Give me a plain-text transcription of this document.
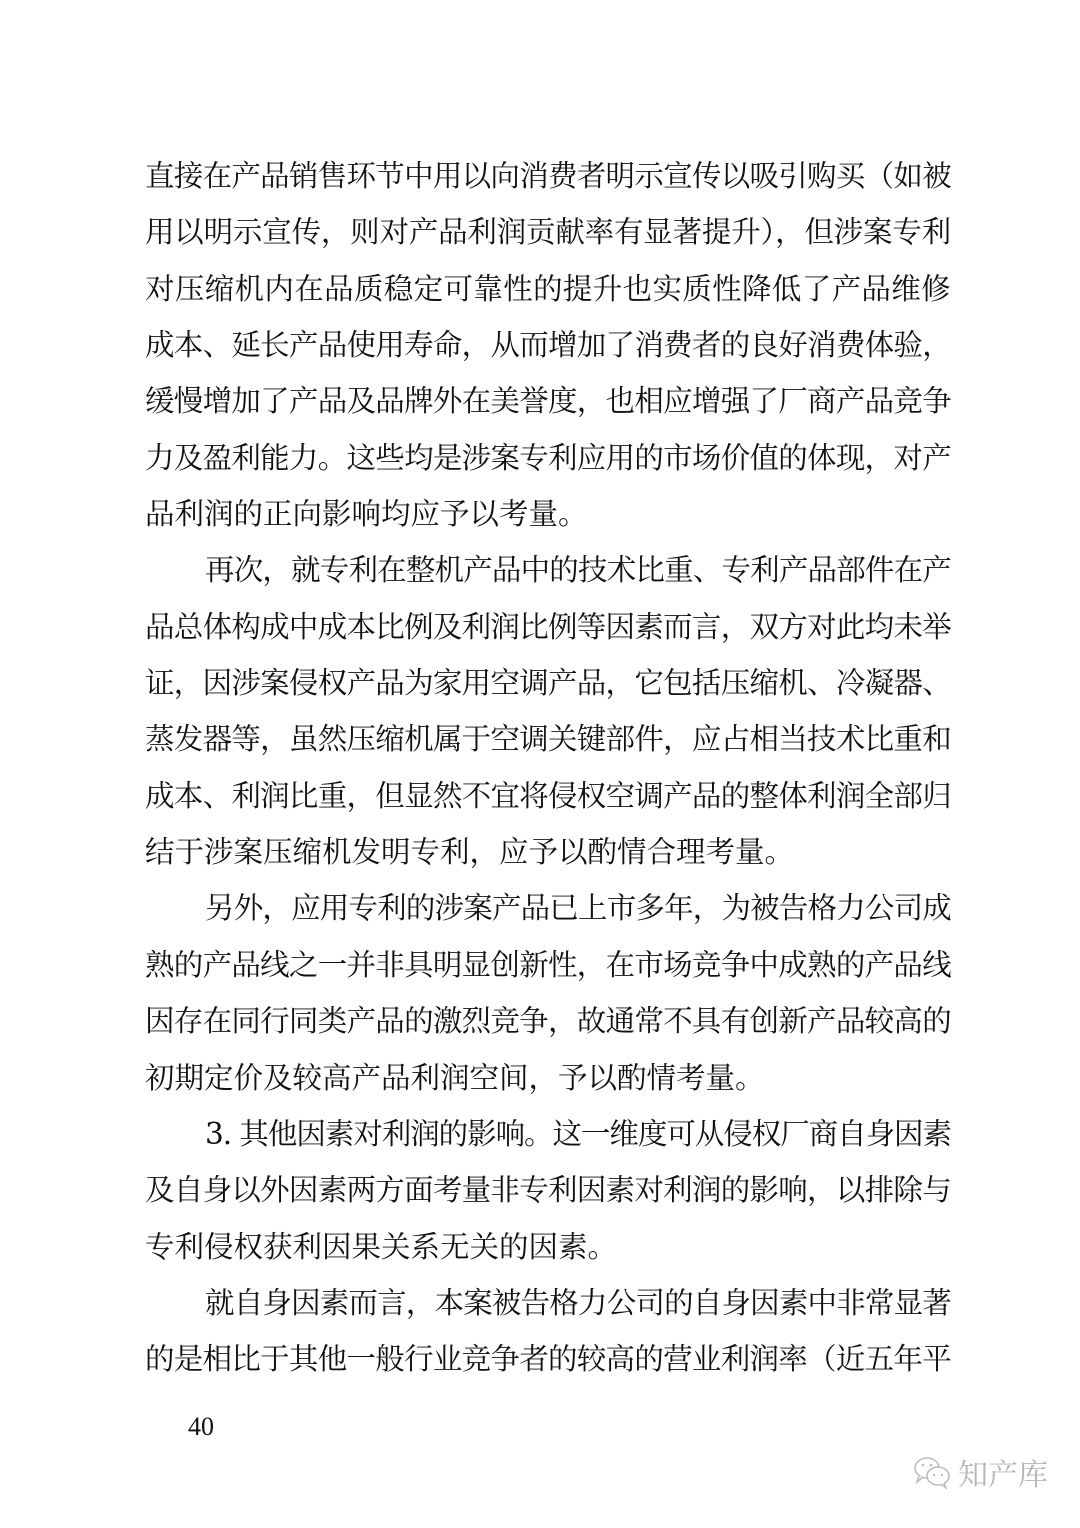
直接在产品销售环节中用以向消费者明示宣传以吸引购买（如被
用以明示宣传，则对产品利润贡献率有显著提升），但涉案专利
对压缩机内在品质稳定可靠性的提升也实质性降低了产品维修
成本、延长产品使用寿命，从而增加了消费者的良好消费体验，
缓慢增加了产品及品牌外在美誉度，也相应增强了厂商产品竞争
力及盈利能力。这些均是涉案专利应用的市场价值的体现，对产
品利润的正向影响均应予以考量。
再次，就专利在整机产品中的技术比重、专利产品部件在产
品总体构成中成本比例及利润比例等因素而言，双方对此均未举
证，因涉案侵权产品为家用空调产品，它包括压缩机、冷凝器、
蒸发器等，虽然压缩机属于空调关键部件，应占相当技术比重和
成本、利润比重，但显然不宜将侵权空调产品的整体利润全部归
结于涉案压缩机发明专利，应予以酌情合理考量。
另外，应用专利的涉案产品已上市多年，为被告格力公司成
熟的产品线之一并非具明显创新性，在市场竞争中成熟的产品线
因存在同行同类产品的激烈竞争，故通常不具有创新产品较高的
初期定价及较高产品利润空间，予以酌情考量。
3. 其他因素对利润的影响。这一维度可从侵权厂商自身因素
及自身以外因素两方面考量非专利因素对利润的影响，以排除与
专利侵权获利因果关系无关的因素。
就自身因素而言，本案被告格力公司的自身因素中非常显著
的是相比于其他一般行业竞争者的较高的营业利润率（近五年平
40
知产库
